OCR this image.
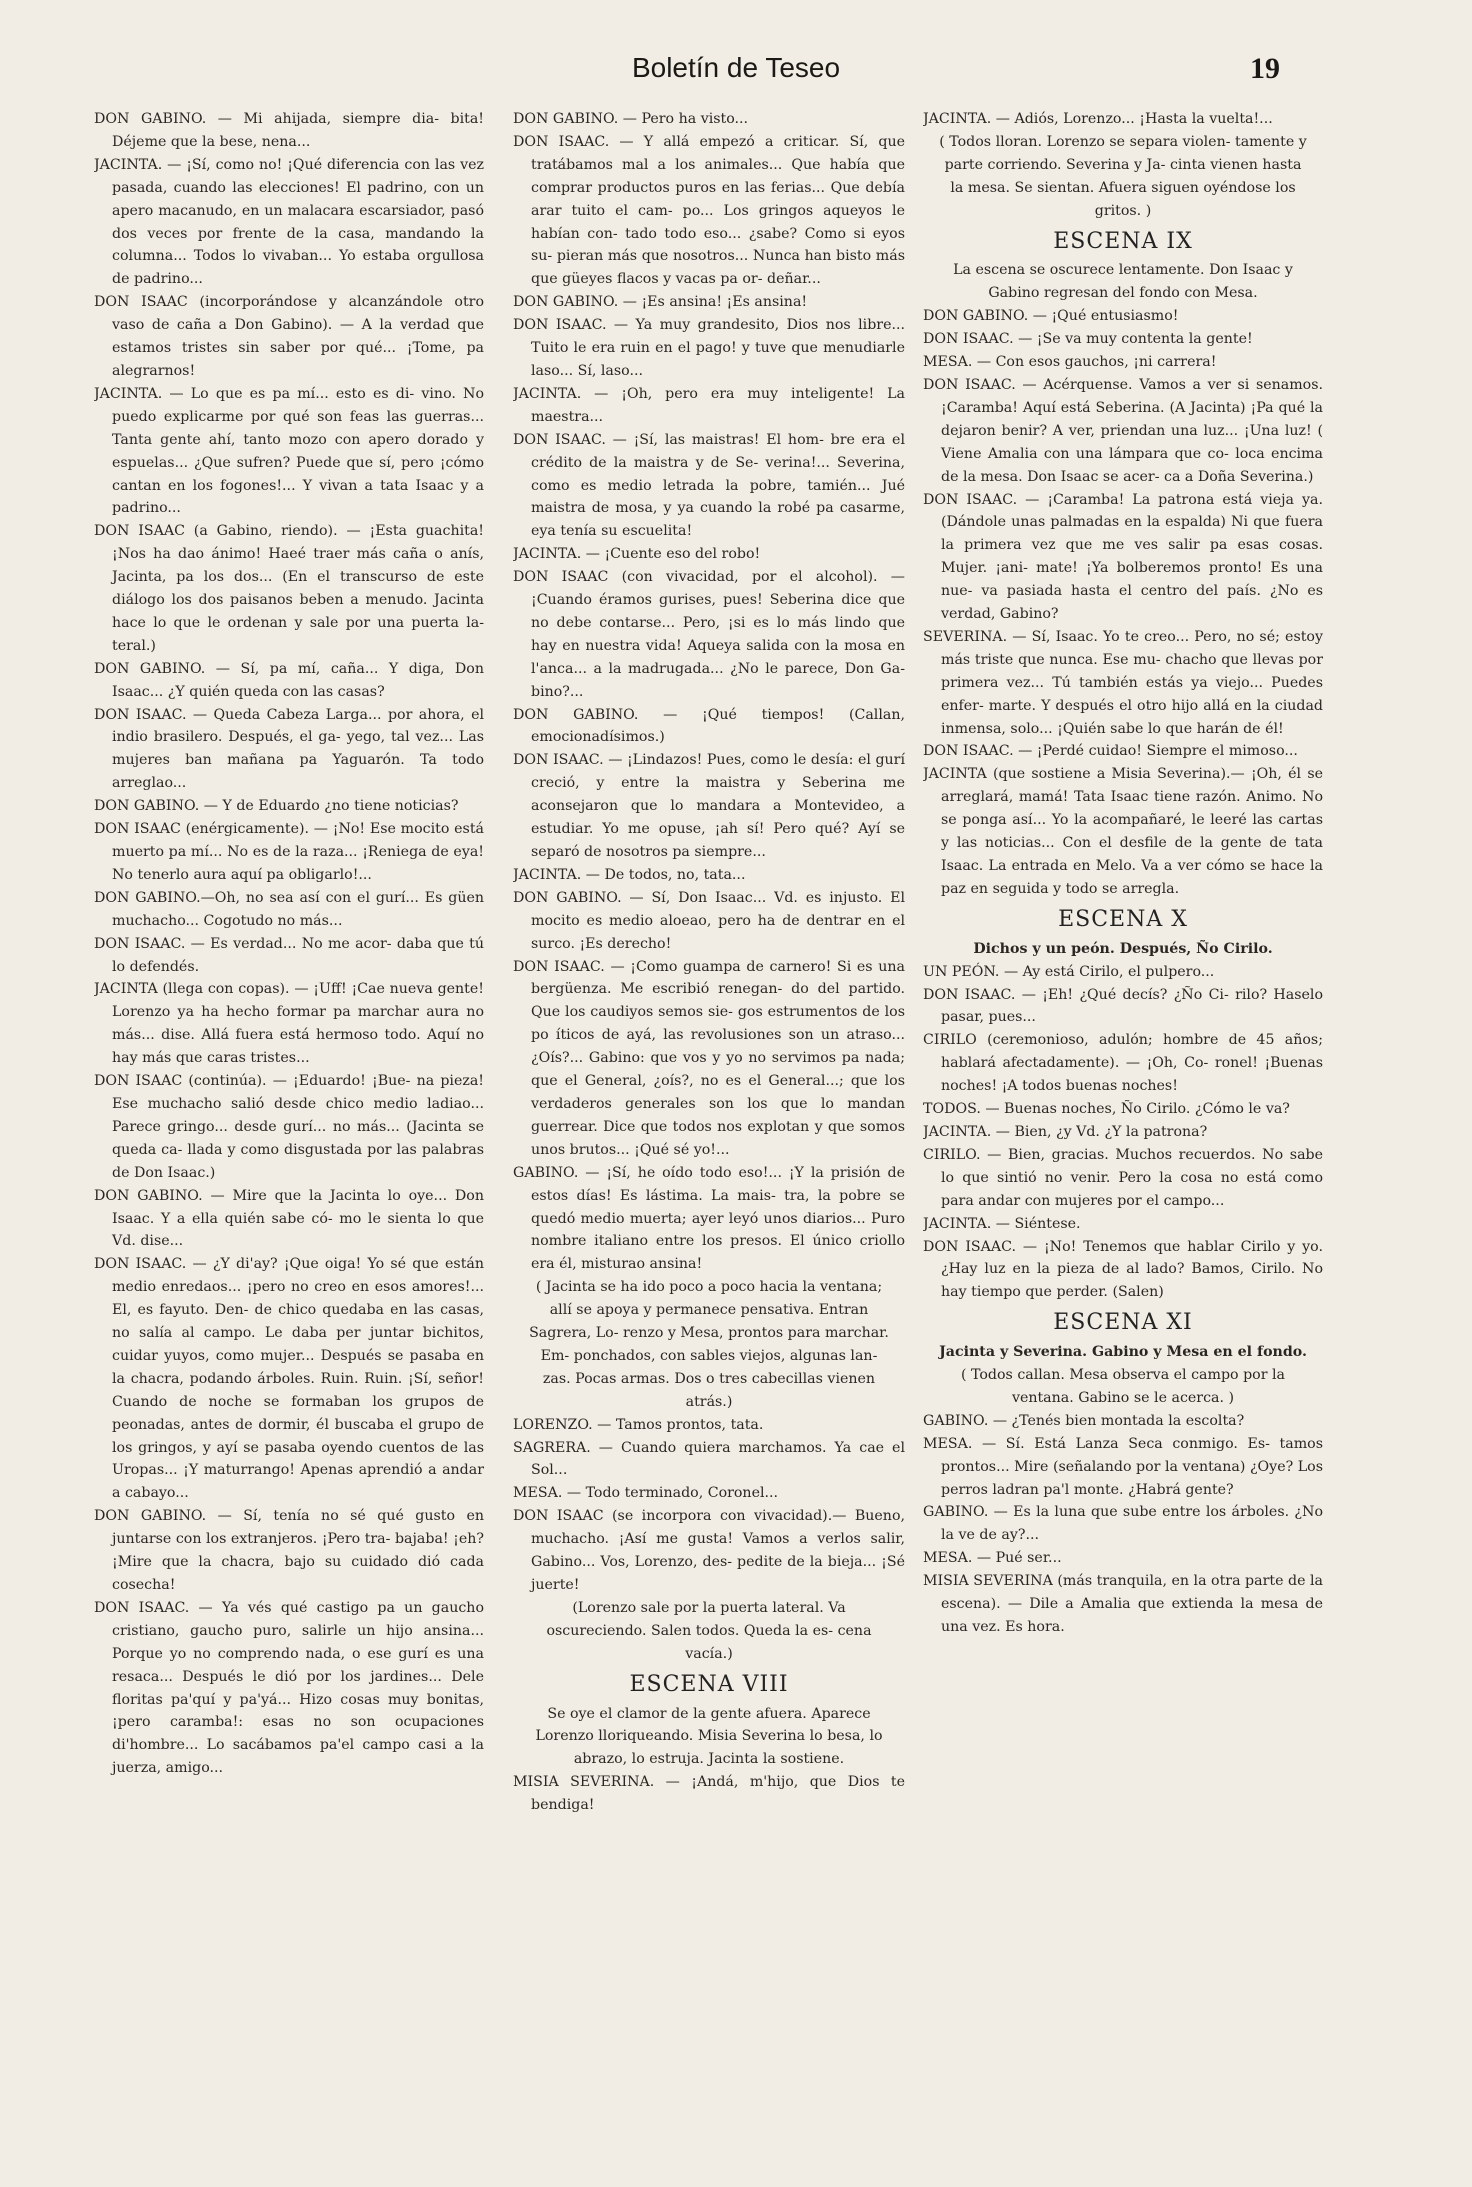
Boletín de Teseo	19

DON GABINO. — Mi ahijada, siempre dia- bita! Déjeme que la bese, nena...

JACINTA. — ¡Sí, como no! ¡Qué diferencia con las vez pasada, cuando las elecciones! El padrino, con un apero macanudo, en un malacara escarsiador, pasó dos veces por frente de la casa, mandando la columna... Todos lo vivaban... Yo estaba orgullosa de padrino...

DON ISAAC (incorporándose y alcanzándole otro vaso de caña a Don Gabino). — A la verdad que estamos tristes sin saber por qué... ¡Tome, pa alegrarnos!

JACINTA. — Lo que es pa mí... esto es di- vino. No puedo explicarme por qué son feas las guerras... Tanta gente ahí, tanto mozo con apero dorado y espuelas... ¿Que sufren? Puede que sí, pero ¡cómo cantan en los fogones!... Y vivan a tata Isaac y a padrino...

DON ISAAC (a Gabino, riendo). — ¡Esta guachita! ¡Nos ha dao ánimo! Haeé traer más caña o anís, Jacinta, pa los dos... (En el transcurso de este diálogo los dos paisanos beben a menudo. Jacinta hace lo que le ordenan y sale por una puerta la- teral.)

DON GABINO. — Sí, pa mí, caña... Y diga, Don Isaac... ¿Y quién queda con las casas?

DON ISAAC. — Queda Cabeza Larga... por ahora, el indio brasilero. Después, el ga- yego, tal vez... Las mujeres ban mañana pa Yaguarón. Ta todo arreglao...

DON GABINO. — Y de Eduardo ¿no tiene noticias?

DON ISAAC (enérgicamente). — ¡No! Ese mocito está muerto pa mí... No es de la raza... ¡Reniega de eya! No tenerlo aura aquí pa obligarlo!...

DON GABINO.—Oh, no sea así con el gurí... Es güen muchacho... Cogotudo no más...

DON ISAAC. — Es verdad... No me acor- daba que tú lo defendés.

JACINTA (llega con copas). — ¡Uff! ¡Cae nueva gente! Lorenzo ya ha hecho formar pa marchar aura no más... dise. Allá fuera está hermoso todo. Aquí no hay más que caras tristes...

DON ISAAC (continúa). — ¡Eduardo! ¡Bue- na pieza! Ese muchacho salió desde chico medio ladiao... Parece gringo... desde gurí... no más... (Jacinta se queda ca- llada y como disgustada por las palabras de Don Isaac.)

DON GABINO. — Mire que la Jacinta lo oye... Don Isaac. Y a ella quién sabe có- mo le sienta lo que Vd. dise...

DON ISAAC. — ¿Y di'ay? ¡Que oiga! Yo sé que están medio enredaos... ¡pero no creo en esos amores!... El, es fayuto. Den- de chico quedaba en las casas, no salía al campo. Le daba per juntar bichitos, cuidar yuyos, como mujer... Después se pasaba en la chacra, podando árboles. Ruin. Ruin. ¡Sí, señor! Cuando de noche se formaban los grupos de peonadas, antes de dormir, él buscaba el grupo de los gringos, y ayí se pasaba oyendo cuentos de las Uropas... ¡Y maturrango! Apenas aprendió a andar a cabayo...

DON GABINO. — Sí, tenía no sé qué gusto en juntarse con los extranjeros. ¡Pero tra- bajaba! ¡eh? ¡Mire que la chacra, bajo su cuidado dió cada cosecha!

DON ISAAC. — Ya vés qué castigo pa un gaucho cristiano, gaucho puro, salirle un hijo ansina... Porque yo no comprendo nada, o ese gurí es una resaca... Después le dió por los jardines... Dele floritas pa'quí y pa'yá... Hizo cosas muy bonitas, ¡pero caramba!: esas no son ocupaciones di'hombre... Lo sacábamos pa'el campo casi a la juerza, amigo...

DON GABINO. — Pero ha visto...

DON ISAAC. — Y allá empezó a criticar. Sí, que tratábamos mal a los animales... Que había que comprar productos puros en las ferias... Que debía arar tuito el cam- po... Los gringos aqueyos le habían con- tado todo eso... ¿sabe? Como si eyos su- pieran más que nosotros... Nunca han bisto más que güeyes flacos y vacas pa or- deñar...

DON GABINO. — ¡Es ansina! ¡Es ansina!

DON ISAAC. — Ya muy grandesito, Dios nos libre... Tuito le era ruin en el pago! y tuve que menudiarle laso... Sí, laso...

JACINTA. — ¡Oh, pero era muy inteligente! La maestra...

DON ISAAC. — ¡Sí, las maistras! El hom- bre era el crédito de la maistra y de Se- verina!... Severina, como es medio letrada la pobre, tamién... Jué maistra de mosa, y ya cuando la robé pa casarme, eya tenía su escuelita!

JACINTA. — ¡Cuente eso del robo!

DON ISAAC (con vivacidad, por el alcohol). — ¡Cuando éramos gurises, pues! Seberina dice que no debe contarse... Pero, ¡si es lo más lindo que hay en nuestra vida! Aqueya salida con la mosa en l'anca... a la madrugada... ¿No le parece, Don Ga- bino?...

DON GABINO. — ¡Qué tiempos! (Callan, emocionadísimos.)

DON ISAAC. — ¡Lindazos! Pues, como le desía: el gurí creció, y entre la maistra y Seberina me aconsejaron que lo mandara a Montevideo, a estudiar. Yo me opuse, ¡ah sí! Pero qué? Ayí se separó de nosotros pa siempre...

JACINTA. — De todos, no, tata...

DON GABINO. — Sí, Don Isaac... Vd. es injusto. El mocito es medio aloeao, pero ha de dentrar en el surco. ¡Es derecho!

DON ISAAC. — ¡Como guampa de carnero! Si es una bergüenza. Me escribió renegan- do del partido. Que los caudiyos semos sie- gos estrumentos de los po íticos de ayá, las revolusiones son un atraso... ¿Oís?... Gabino: que vos y yo no servimos pa nada; que el General, ¿oís?, no es el General...; que los verdaderos generales son los que lo mandan guerrear. Dice que todos nos explotan y que somos unos brutos... ¡Qué sé yo!...

GABINO. — ¡Sí, he oído todo eso!... ¡Y la prisión de estos días! Es lástima. La mais- tra, la pobre se quedó medio muerta; ayer leyó unos diarios... Puro nombre italiano entre los presos. El único criollo era él, misturao ansina!

( Jacinta se ha ido poco a poco hacia la ventana; allí se apoya y permanece pensativa. Entran Sagrera, Lo- renzo y Mesa, prontos para marchar. Em- ponchados, con sables viejos, algunas lan- zas. Pocas armas. Dos o tres cabecillas vienen atrás.)

LORENZO. — Tamos prontos, tata.

SAGRERA. — Cuando quiera marchamos. Ya cae el Sol...

MESA. — Todo terminado, Coronel...

DON ISAAC (se incorpora con vivacidad).— Bueno, muchacho. ¡Así me gusta! Vamos a verlos salir, Gabino... Vos, Lorenzo, des- pedite de la bieja... ¡Sé juerte!

(Lorenzo sale por la puerta lateral. Va oscureciendo. Salen todos. Queda la es- cena vacía.)

ESCENA VIII

Se oye el clamor de la gente afuera. Aparece Lorenzo lloriqueando. Misia Severina lo besa, lo abrazo, lo estruja. Jacinta la sostiene.

MISIA SEVERINA. — ¡Andá, m'hijo, que Dios te bendiga!

JACINTA. — Adiós, Lorenzo... ¡Hasta la vuelta!...

( Todos lloran. Lorenzo se separa violen- tamente y parte corriendo. Severina y Ja- cinta vienen hasta la mesa. Se sientan. Afuera siguen oyéndose los gritos. )

ESCENA IX

La escena se oscurece lentamente. Don Isaac y Gabino regresan del fondo con Mesa.

DON GABINO. — ¡Qué entusiasmo!

DON ISAAC. — ¡Se va muy contenta la gente!

MESA. — Con esos gauchos, ¡ni carrera!

DON ISAAC. — Acérquense. Vamos a ver si senamos. ¡Caramba! Aquí está Seberina. (A Jacinta) ¡Pa qué la dejaron benir? A ver, priendan una luz... ¡Una luz! ( Viene Amalia con una lámpara que co- loca encima de la mesa. Don Isaac se acer- ca a Doña Severina.)

DON ISAAC. — ¡Caramba! La patrona está vieja ya. (Dándole unas palmadas en la espalda) Ni que fuera la primera vez que me ves salir pa esas cosas. Mujer. ¡ani- mate! ¡Ya bolberemos pronto! Es una nue- va pasiada hasta el centro del país. ¿No es verdad, Gabino?

SEVERINA. — Sí, Isaac. Yo te creo... Pero, no sé; estoy más triste que nunca. Ese mu- chacho que llevas por primera vez... Tú también estás ya viejo... Puedes enfer- marte. Y después el otro hijo allá en la ciudad inmensa, solo... ¡Quién sabe lo que harán de él!

DON ISAAC. — ¡Perdé cuidao! Siempre el mimoso...

JACINTA (que sostiene a Misia Severina).— ¡Oh, él se arreglará, mamá! Tata Isaac tiene razón. Animo. No se ponga así... Yo la acompañaré, le leeré las cartas y las noticias... Con el desfile de la gente de tata Isaac. La entrada en Melo. Va a ver cómo se hace la paz en seguida y todo se arregla.

ESCENA X

Dichos y un peón. Después, Ño Cirilo.

UN PEÓN. — Ay está Cirilo, el pulpero...

DON ISAAC. — ¡Eh! ¿Qué decís? ¿Ño Ci- rilo? Haselo pasar, pues...

CIRILO (ceremonioso, adulón; hombre de 45 años; hablará afectadamente). — ¡Oh, Co- ronel! ¡Buenas noches! ¡A todos buenas noches!

TODOS. — Buenas noches, Ño Cirilo. ¿Cómo le va?

JACINTA. — Bien, ¿y Vd. ¿Y la patrona?

CIRILO. — Bien, gracias. Muchos recuerdos. No sabe lo que sintió no venir. Pero la cosa no está como para andar con mujeres por el campo...

JACINTA. — Siéntese.

DON ISAAC. — ¡No! Tenemos que hablar Cirilo y yo. ¿Hay luz en la pieza de al lado? Bamos, Cirilo. No hay tiempo que perder. (Salen)

ESCENA XI

Jacinta y Severina. Gabino y Mesa en el fondo.

( Todos callan. Mesa observa el campo por la ventana. Gabino se le acerca. )

GABINO. — ¿Tenés bien montada la escolta?

MESA. — Sí. Está Lanza Seca conmigo. Es- tamos prontos... Mire (señalando por la ventana) ¿Oye? Los perros ladran pa'l monte. ¿Habrá gente?

GABINO. — Es la luna que sube entre los árboles. ¿No la ve de ay?...

MESA. — Pué ser...

MISIA SEVERINA (más tranquila, en la otra parte de la escena). — Dile a Amalia que extienda la mesa de una vez. Es hora.
